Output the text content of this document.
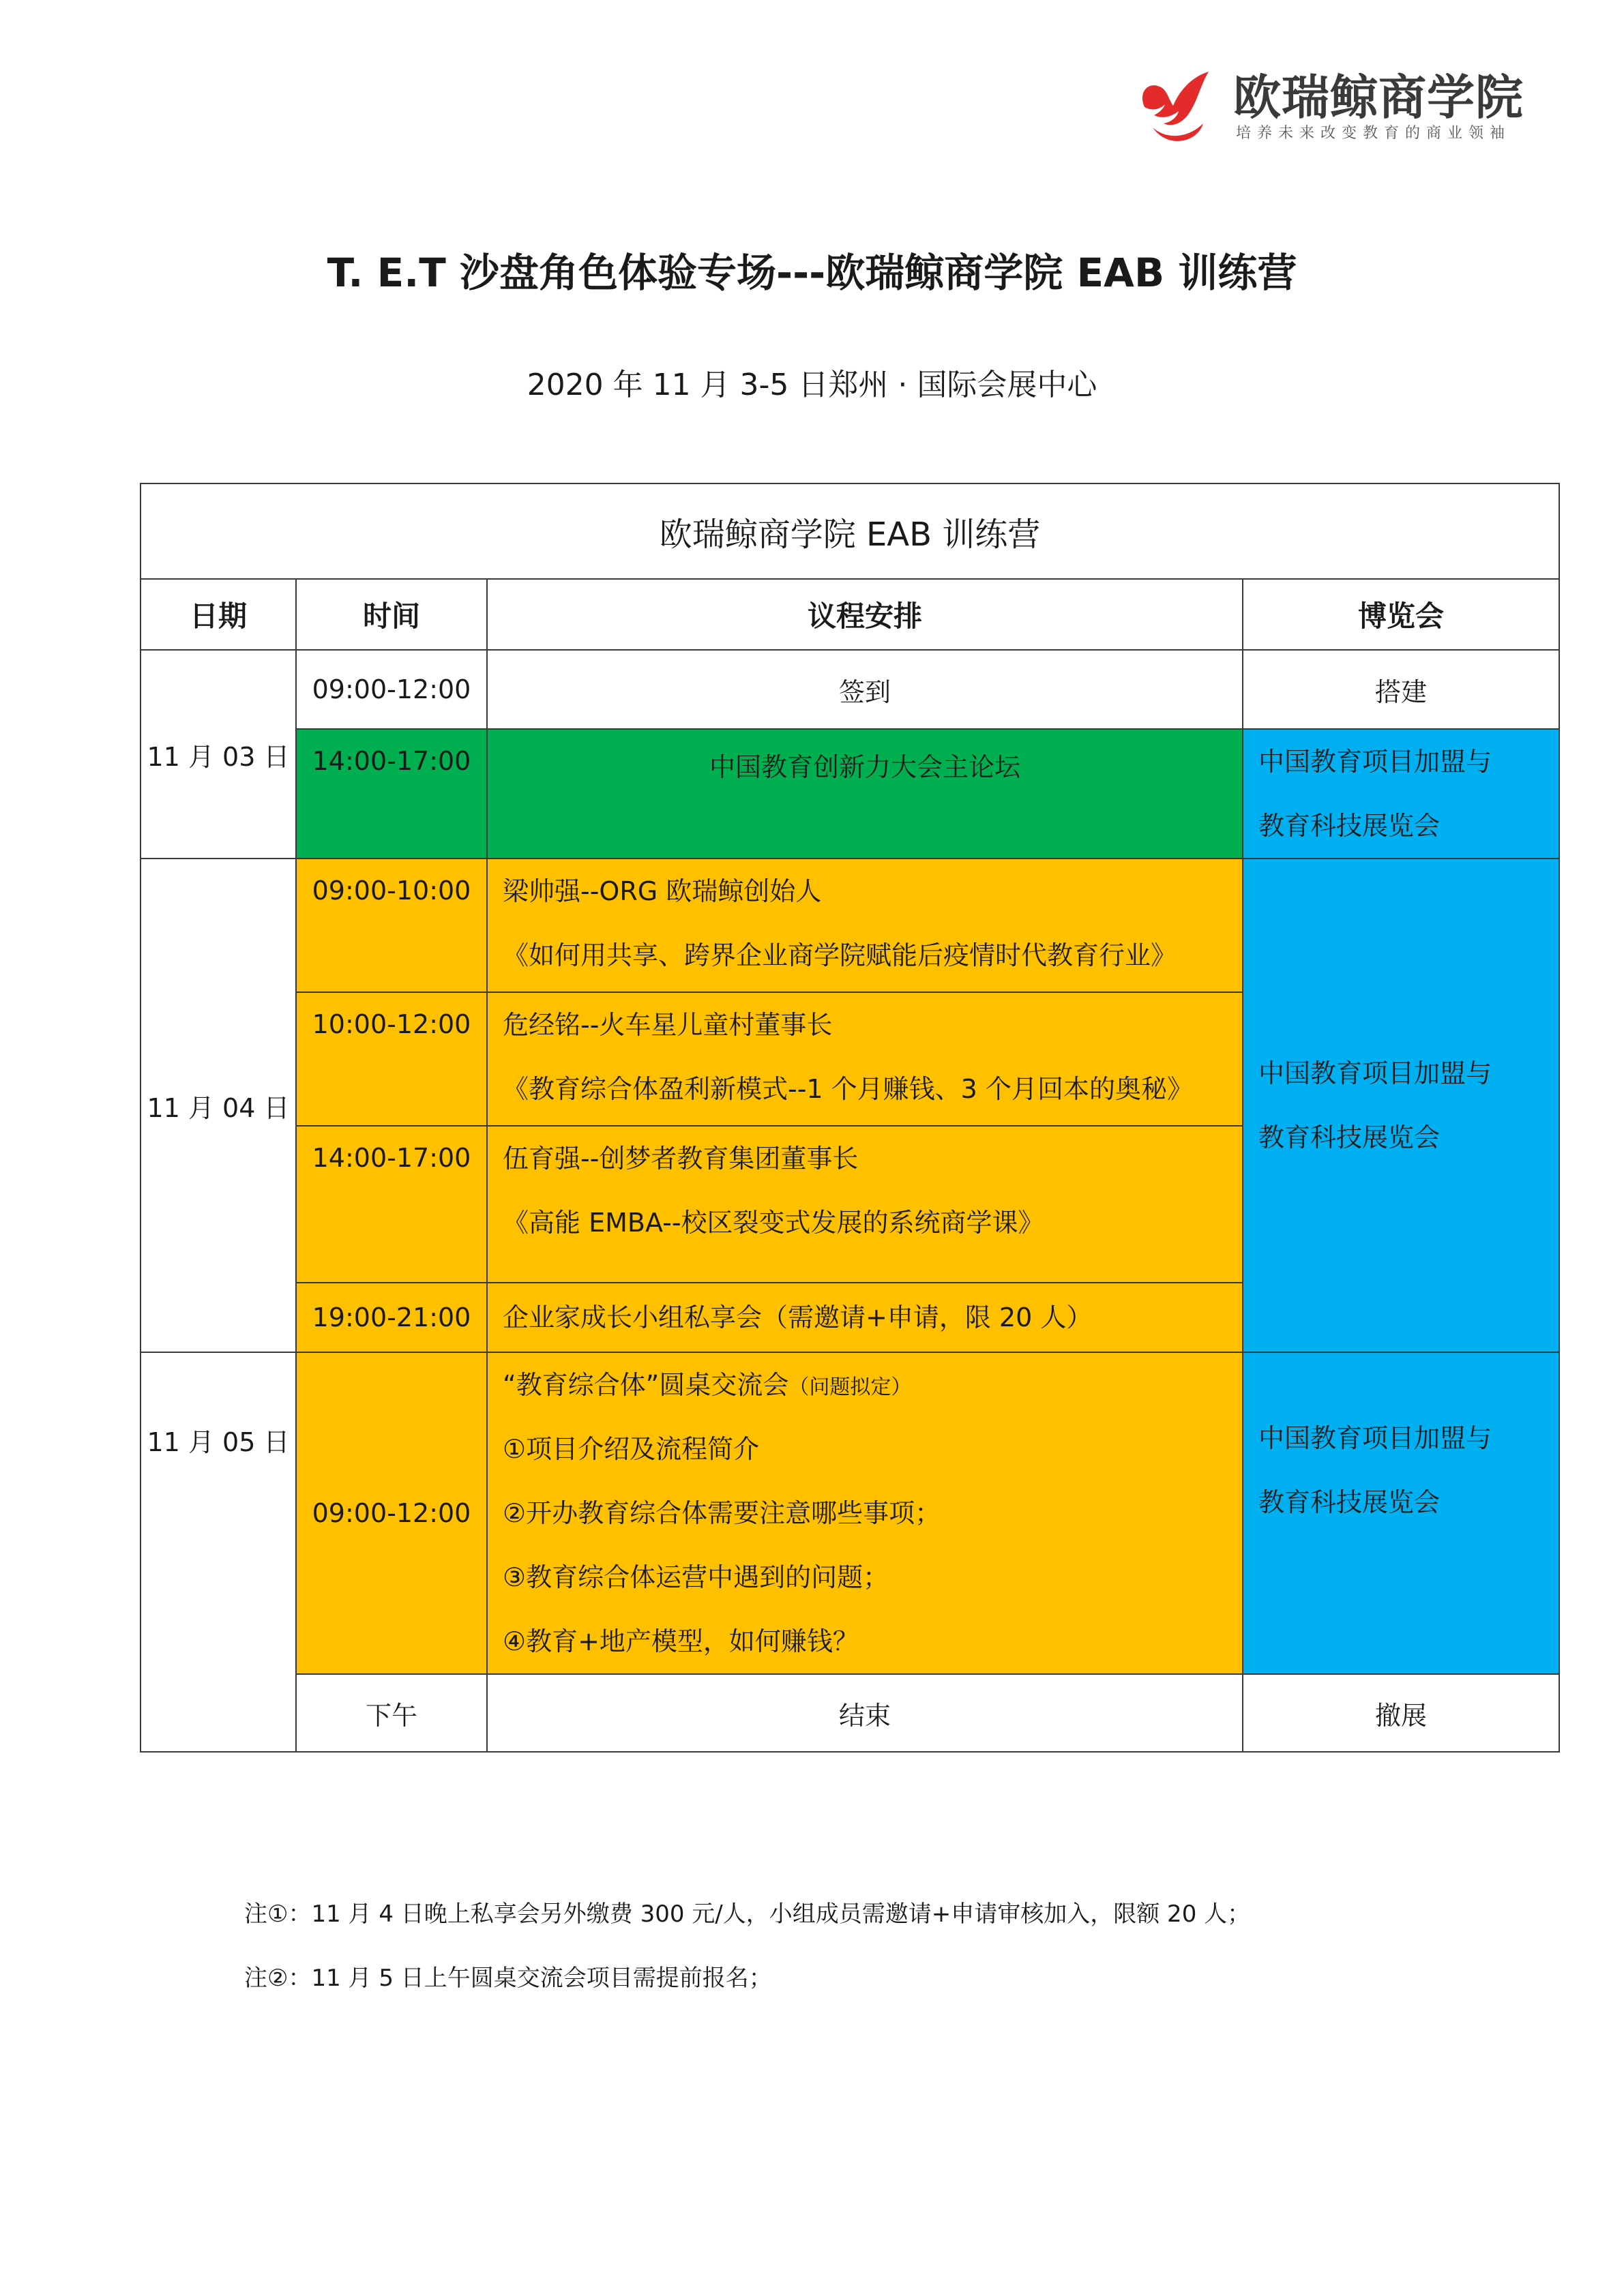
欧瑞鲸商学院
培养未来改变教育的商业领袖
T. E.T 沙盘角色体验专场---欧瑞鲸商学院 EAB 训练营
2020 年 11 月 3-5 日郑州 · 国际会展中心
欧瑞鲸商学院 EAB 训练营			
日期	时间	议程安排	博览会
11 月 03 日	09:00-12:00	签到	搭建
	14:00-17:00	中国教育创新力大会主论坛	中国教育项目加盟与
教育科技展览会

11 月 04 日	09:00-10:00	梁帅强--ORG 欧瑞鲸创始人
《如何用共享、跨界企业商学院赋能后疫情时代教育行业》	中国教育项目加盟与
教育科技展览会

	10:00-12:00	危经铭--火车星儿童村董事长
《教育综合体盈利新模式--1 个月赚钱、3 个月回本的奥秘》	

	14:00-17:00	伍育强--创梦者教育集团董事长
《高能 EMBA--校区裂变式发展的系统商学课》	

	19:00-21:00	企业家成长小组私享会（需邀请+申请，限 20 人）	

11 月 05 日	09:00-12:00	“教育综合体”圆桌交流会（问题拟定）
①项目介绍及流程简介
②开办教育综合体需要注意哪些事项；
③教育综合体运营中遇到的问题；
④教育+地产模型，如何赚钱？	中国教育项目加盟与
教育科技展览会

	下午	结束	撤展
注①：11 月 4 日晚上私享会另外缴费 300 元/人，小组成员需邀请+申请审核加入，限额 20 人；
注②：11 月 5 日上午圆桌交流会项目需提前报名；
